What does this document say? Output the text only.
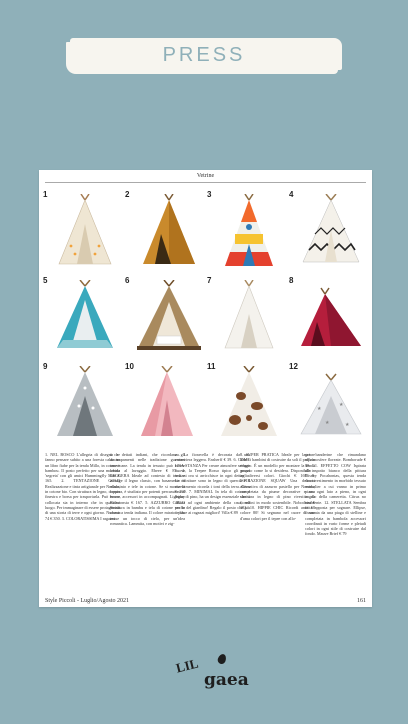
PRESS
Vetrine
1	2	3	4
5	6	7	8
9	10	11	12
★
★
★	★
1. NEL BOSCO L'allegria di disegni che fanno pensare subito a una foresta calda tra un libro fiabe per la tenda Millo, in cotone e bambou. Il posto perfetto per una morbida 'segreta' con gli amici Hummingfly Mini € 165. 2. TENTAZIONE GOLD Realizzazione e tinta artigianale per Nevada, in cotone bio. Con struttura in legno, doppia finestra e borsa per trasportarla. Può essere collocata sia in interno che in qualsiasi luogo. Per immaginare di essere protagonisti di una storia di terre e ogni giorno. Numero 74 € 350. 3. COLORATISSIMA I ragazzi
ta e dettati indiani, che ricordano gli accampamenti nelle tradizione guerrieri americane. La tenda in tessuto può essere lavata al lavaggio. Ebeee € 87. 4. LEGGERA Ideale ad contesto di terra e arrange il legno classic, con basamento in alluminio e tele in cotone. Se si monta la camera, è studiato per potenti percussioni al bosco, accessori in accompagnati. Lightday Kidsvonsta € 167. 5. AZZURRO CIELO Struttura in bambu e tela di cotone per la classica tenda indiana. Il colore mirato e blu tenue un tocco di cielo, per un'idea romantica. Lammita, con motivi e zig-
za. La fioravella è decorata da una zanzariera leggera. Ensherff € 39. 6. COME UNA STANZA Per creare atmosfere sempre nuove, la Teepee Rosso tipico gli pozzi indiani ora si arricchisce in ogni dettaglio. Le rifiniture sono in legno di quercia e il rivestimento ricorda i toni della terra. Citro € 269. 7. MINIMAL In tela di cotone e legno di pino, ha un design essenziale che si adatta ad ogni ambiente della casa, ma anche del giardino! Regalo il posto che più ti piace ai ragazzi migliori! Villa € 89
8. SUPER PRATICA Ideale per lasciare liberi i bambini di costruire da soli il proprio rifugio. È un modello per montare la tenda proprio come lo si desidera. Disponibile in tre diversi colori. Giochi € 169. 9. ISPIRAZIONE SQUAW Una delicata alternativa di azzurro pastello per Nevada, completata da piume decorative e una struttura in legno di pino rivestita da fiorellini in modo sostenibile. Nobodium € 182. 10. HIPPIE CHIC Ricordi anni 60 colore 80! Si segnano nel cuore di una d'ama colori per il tepee con allo-
gre banderine che rimandano all'atmosfere floreate. Bomborude € 89. 11. EFFETTO COW Ispirata allo spotto bianco della pittura Disney Pocahontas, questa tenda con rivestimento in morbido tessuto animalier a cui vanno in primo piano ogni lato a pieno, in ogni angolo della cameretta. Citrus no visibiente. 12. STELLATA Sembra fatta apposta per sognare. Ellipse, fissavata da una piaga di stelline e completata in bambola accessori coordinati in vario forme e pleiadi colori in ogni stile di costruire dal fondo. Mauve Brief € 79
Style Piccoli - Luglio/Agosto 2021	161
LIL
gaea
